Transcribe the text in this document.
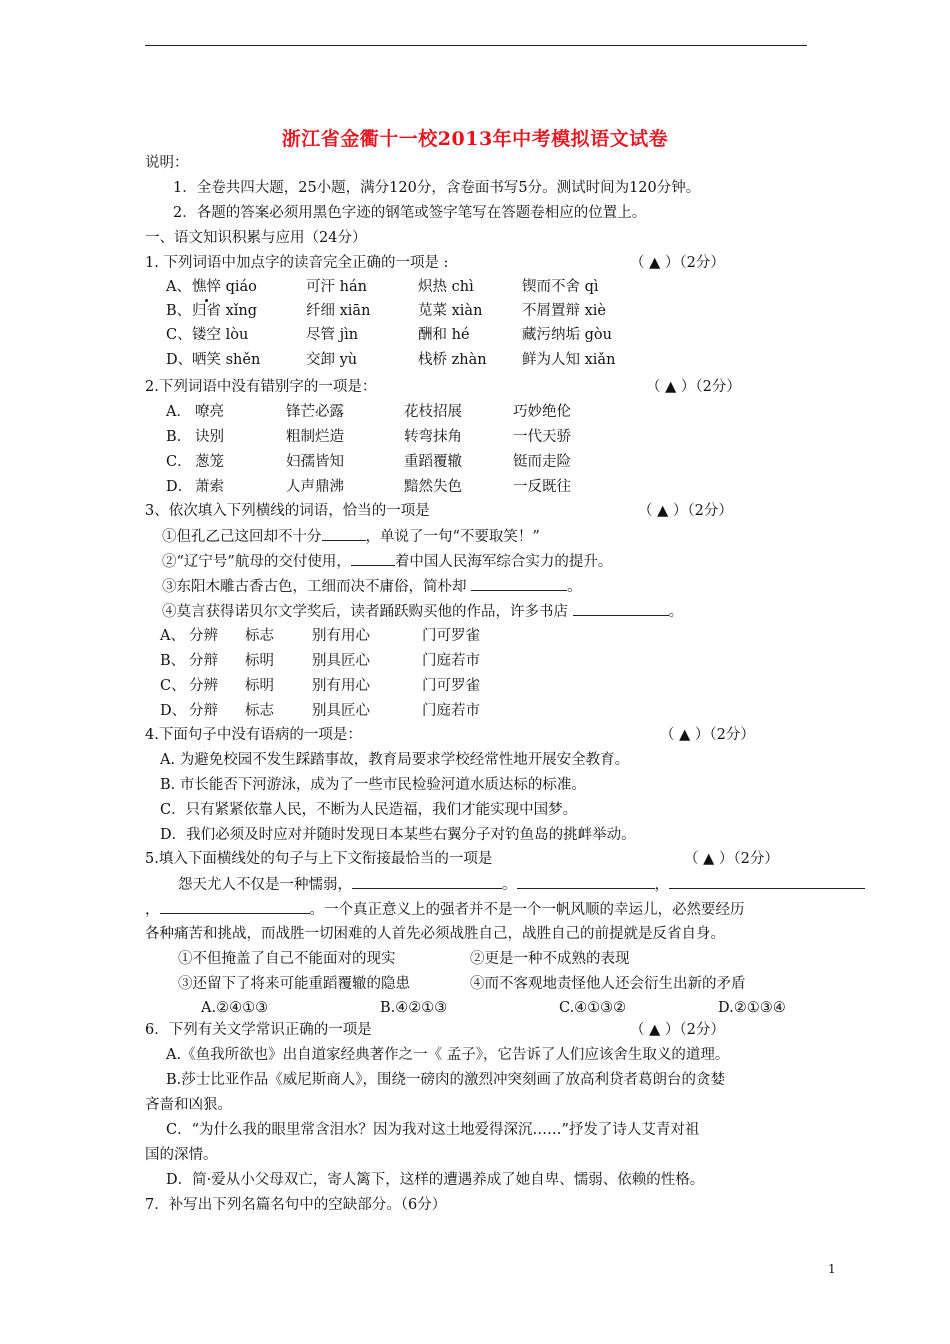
浙江省金衢十一校2013年中考模拟语文试卷
说明：
1．全卷共四大题，25小题，满分120分，含卷面书写5分。测试时间为120分钟。
2．各题的答案必须用黑色字迹的钢笔或签字笔写在答题卷相应的位置上。
一、语文知识积累与应用（24分）
1. 下列词语中加点字的读音完全正确的一项是 :	（ ▲ ）（2分）
A、 憔悴 qiáo	可汗 hán	炽热 chì	锲而不舍 qì
B、 归省 xǐng	纤细 xiān	苋菜 xiàn	不屑置辩 xiè
C、 镂空 lòu	尽管 jìn	酬和 hé	藏污纳垢 gòu
D、 哂笑 shěn	交卸 yù	栈桥 zhàn 鲜为人知 xiǎn
2.下列词语中没有错别字的一项是：	（ ▲ ）（2分）
A． 嘹亮	锋芒必露	花枝招展	巧妙绝伦
B． 诀别	粗制烂造	转弯抹角	一代天骄
C． 葱笼	妇孺皆知	重蹈覆辙	铤而走险
D． 萧索	人声鼎沸	黯然失色	一反既往
3、依次填入下列横线的词语，恰当的一项是	（ ▲ ）（2分）
①但孔乙己这回却不十分	，单说了一句“不要取笑！”
②“辽宁号”航母的交付使用，	着中国人民海军综合实力的提升。
③东阳木雕古香古色，工细而决不庸俗，简朴却	。
④莫言获得诺贝尔文学奖后，读者踊跃购买他的作品，许多书店	。
A、 分辨 标志	别有用心	门可罗雀
B、 分辩 标明	别具匠心	门庭若市
C、 分辨 标明	别有用心	门可罗雀
D、 分辩 标志	别具匠心	门庭若市
4.下面句子中没有语病的一项是：	（ ▲ ）（2分）
A. 为避免校园不发生踩踏事故，教育局要求学校经常性地开展安全教育。
B. 市长能否下河游泳，成为了一些市民检验河道水质达标的标准。
C．只有紧紧依靠人民，不断为人民造福，我们才能实现中国梦。
D．我们必须及时应对并随时发现日本某些右翼分子对钓鱼岛的挑衅举动。
5.填入下面横线处的句子与上下文衔接最恰当的一项是	（ ▲ ）（2分）
怨天尤人不仅是一种懦弱，	。	，
，	。一个真正意义上的强者并不是一个一帆风顺的幸运儿，必然要经历
各种痛苦和挑战，而战胜一切困难的人首先必须战胜自己，战胜自己的前提就是反省自身。
①不但掩盖了自己不能面对的现实	②更是一种不成熟的表现
③还留下了将来可能重蹈覆辙的隐患	④而不客观地责怪他人还会衍生出新的矛盾
A.②④①③	B.④②①③	C.④①③②	D.②①③④
6．下列有关文学常识正确的一项是	（ ▲ ）（2分）
A.《鱼我所欲也》出自道家经典著作之一《 孟子》，它告诉了人们应该舍生取义的道理。
B.莎士比亚作品《威尼斯商人》，围绕一磅肉的激烈冲突刻画了放高利贷者葛朗台的贪婪
吝啬和凶狠。
C．“为什么我的眼里常含泪水？因为我对这土地爱得深沉……”抒发了诗人艾青对祖
国的深情。
D．简·爱从小父母双亡，寄人篱下，这样的遭遇养成了她自卑、懦弱、依赖的性格。
7．补写出下列名篇名句中的空缺部分。（6分）
1
